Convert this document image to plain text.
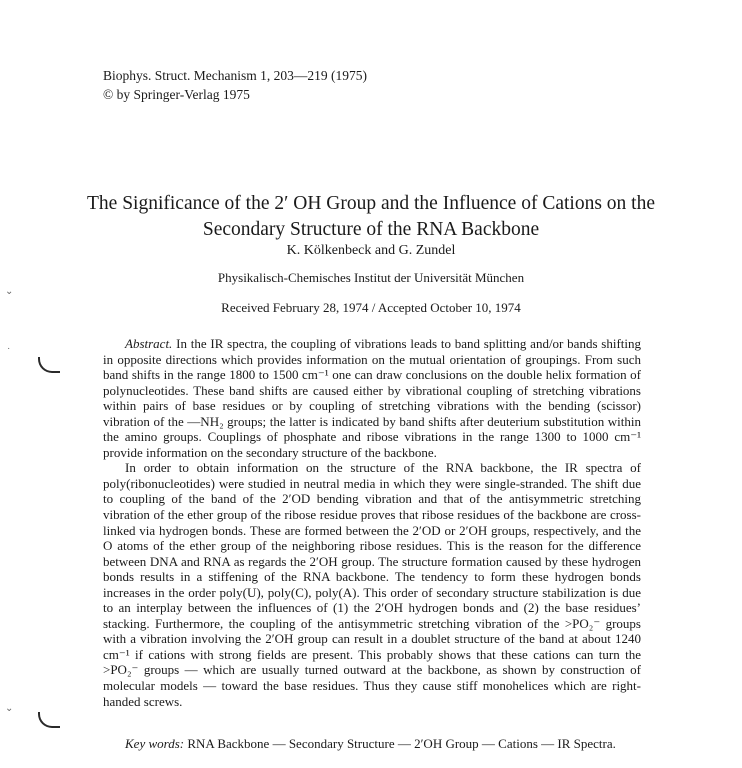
Biophys. Struct. Mechanism 1, 203—219 (1975)
© by Springer-Verlag 1975
The Significance of the 2′ OH Group and the Influence of Cations on the Secondary Structure of the RNA Backbone
K. Kölkenbeck and G. Zundel
Physikalisch-Chemisches Institut der Universität München
Received February 28, 1974 / Accepted October 10, 1974

Abstract. In the IR spectra, the coupling of vibrations leads to band splitting and/or bands shifting in opposite directions which provides information on the mutual orientation of groupings. From such band shifts in the range 1800 to 1500 cm⁻¹ one can draw conclusions on the double helix formation of polynucleotides. These band shifts are caused either by vibrational coupling of stretching vibrations within pairs of base residues or by coupling of stretching vibrations with the bending (scissor) vibration of the —NH₂ groups; the latter is indicated by band shifts after deuterium substitution within the amino groups. Couplings of phosphate and ribose vibrations in the range 1300 to 1000 cm⁻¹ provide information on the secondary structure of the backbone.

In order to obtain information on the structure of the RNA backbone, the IR spectra of poly(ribonucleotides) were studied in neutral media in which they were single-stranded. The shift due to coupling of the band of the 2′OD bending vibration and that of the antisymmetric stretching vibration of the ether group of the ribose residue proves that ribose residues of the backbone are cross-linked via hydrogen bonds. These are formed between the 2′OD or 2′OH groups, respectively, and the O atoms of the ether group of the neighboring ribose residues. This is the reason for the difference between DNA and RNA as regards the 2′OH group. The structure formation caused by these hydrogen bonds results in a stiffening of the RNA backbone. The tendency to form these hydrogen bonds increases in the order poly(U), poly(C), poly(A). This order of secondary structure stabilization is due to an interplay between the influences of (1) the 2′OH hydrogen bonds and (2) the base residues’ stacking. Furthermore, the coupling of the antisymmetric stretching vibration of the >PO₂⁻ groups with a vibration involving the 2′OH group can result in a doublet structure of the band at about 1240 cm⁻¹ if cations with strong fields are present. This probably shows that these cations can turn the >PO₂⁻ groups — which are usually turned outward at the backbone, as shown by construction of molecular models — toward the base residues. Thus they cause stiff monohelices which are right-handed screws.

Key words: RNA Backbone — Secondary Structure — 2′OH Group — Cations — IR Spectra.
⌄
˙
⌄
